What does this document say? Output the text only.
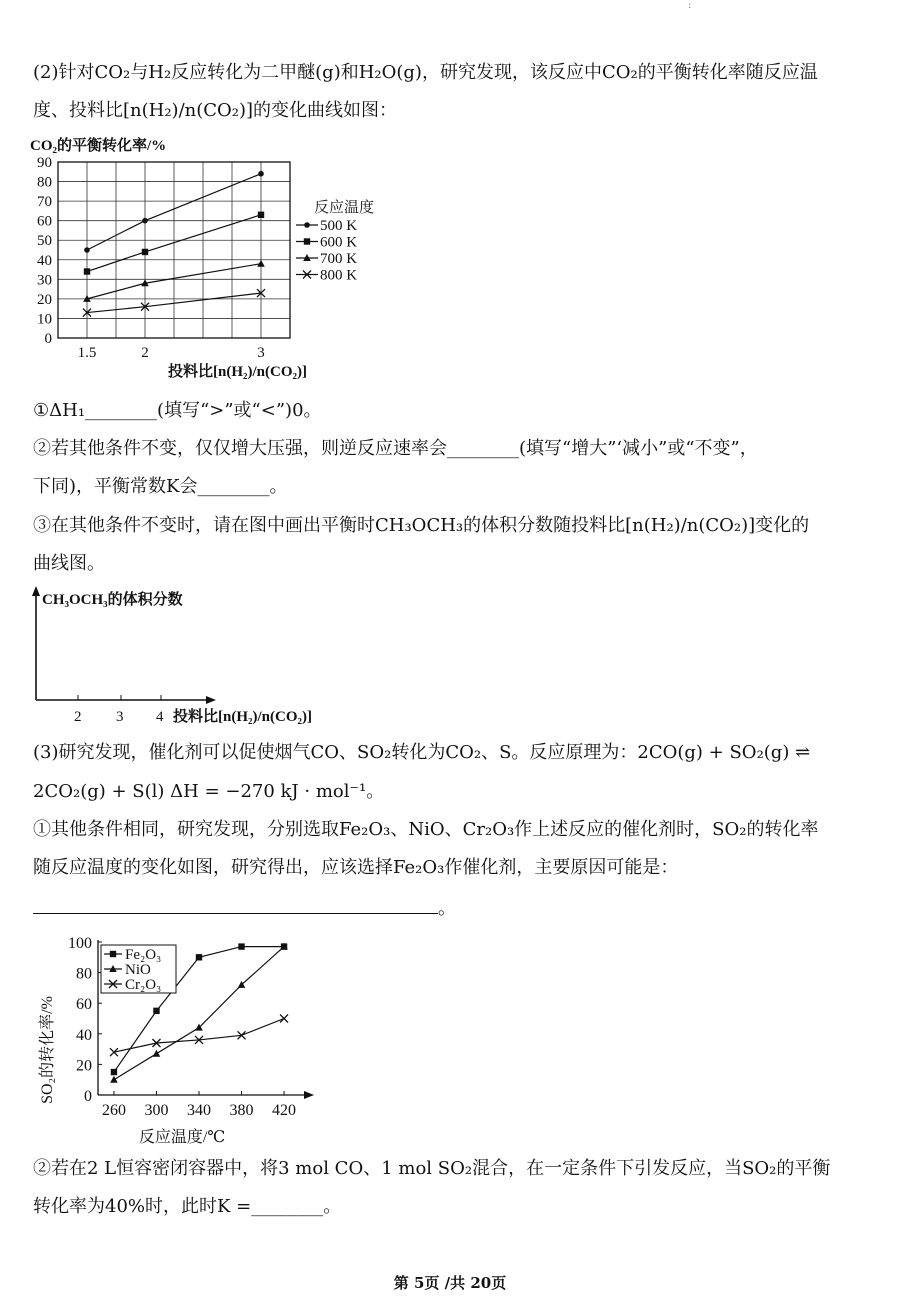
:
(2)针对CO₂与H₂反应转化为二甲醚(g)和H₂O(g)，研究发现，该反应中CO₂的平衡转化率随反应温
度、投料比[n(H₂)/n(CO₂)]的变化曲线如图：
0
10
20
30
40
50
60
70
80
90
1.5	2	3
500 K
600 K
700 K
800 K
CO₂的平衡转化率/%
投料比[n(H₂)/n(CO₂)]
反应温度
①ΔH₁________(填写“>”或“<”)0。
②若其他条件不变，仅仅增大压强，则逆反应速率会________(填写“增大”‘减小”或“不变”，
下同)，平衡常数K会________。
③在其他条件不变时，请在图中画出平衡时CH₃OCH₃的体积分数随投料比[n(H₂)/n(CO₂)]变化的
曲线图。
CH₃OCH₃的体积分数
2 3 4 投料比[n(H₂)/n(CO₂)]
(3)研究发现，催化剂可以促使烟气CO、SO₂转化为CO₂、S。反应原理为：2CO(g) + SO₂(g) ⇌
2CO₂(g) + S(l) ΔH = −270 kJ · mol⁻¹。
①其他条件相同，研究发现，分别选取Fe₂O₃、NiO、Cr₂O₃作上述反应的催化剂时，SO₂的转化率
随反应温度的变化如图，研究得出，应该选择Fe₂O₃作催化剂，主要原因可能是：
。
0
20
40
60
80
100
260 300 340 380 420
Fe₂O₃
NiO
Cr₂O₃
SO₂的转化率/%
反应温度/℃
②若在2 L恒容密闭容器中，将3 mol CO、1 mol SO₂混合，在一定条件下引发反应，当SO₂的平衡
转化率为40%时，此时K =________。
第 5页 /共 20页
